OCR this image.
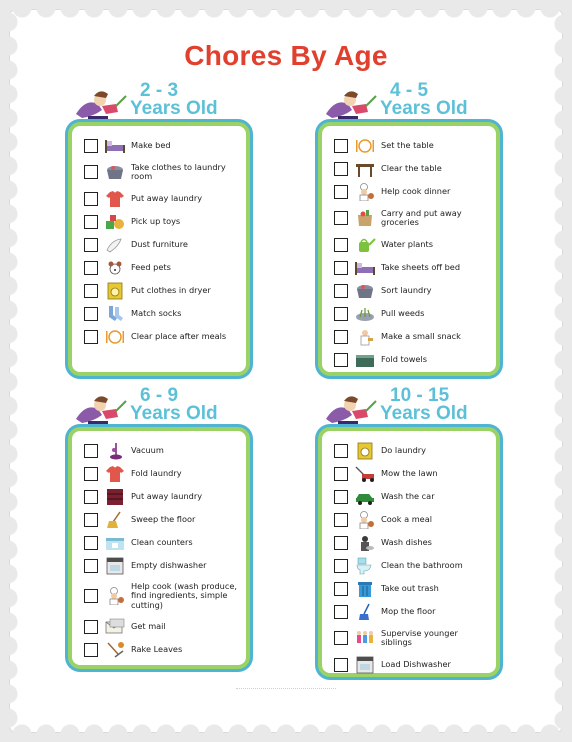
Chores By Age
2 - 3
Years Old
Make bed
Take clothes to laundry room
Put away laundry
Pick up toys
Dust furniture
Feed pets
Put clothes in dryer
Match socks
Clear place after meals
4 - 5
Years Old
Set the table
Clear the table
Help cook dinner
Carry and put away groceries
Water plants
Take sheets off bed
Sort laundry
Pull weeds
Make a small snack
Fold towels
6 - 9
Years Old
Vacuum
Fold laundry
Put away laundry
Sweep the floor
Clean counters
Empty dishwasher
Help cook (wash produce, find ingredients, simple cutting)
Get mail
Rake Leaves
10 - 15
Years Old
Do laundry
Mow the lawn
Wash the car
Cook a meal
Wash dishes
Clean the bathroom
Take out trash
Mop the floor
Supervise younger siblings
Load Dishwasher
